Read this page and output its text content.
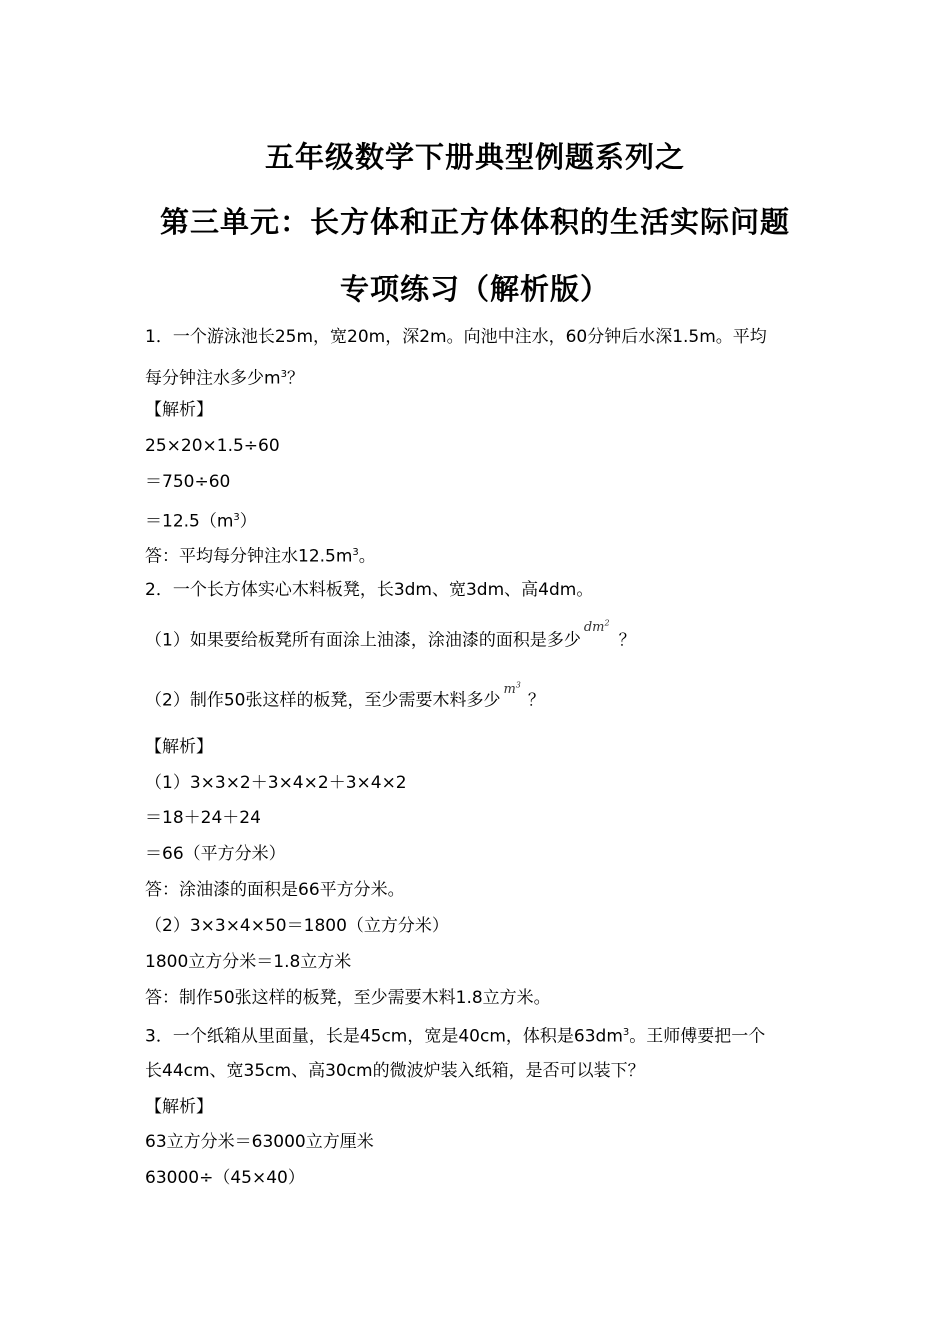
五年级数学下册典型例题系列之
第三单元：长方体和正方体体积的生活实际问题
专项练习（解析版）
1．一个游泳池长25m，宽20m，深2m。向池中注水，60分钟后水深1.5m。平均
每分钟注水多少$m^3$？
【解析】
25×20×1.5÷60
＝750÷60
$=12.5(m^3)$
答：平均每分钟注水$12.5m^3$。
2．一个长方体实心木料板凳，长3dm、宽3dm、高4dm。
（1）如果要给板凳所有面涂上油漆，涂油漆的面积是多少$^{dm^2}$？
（2）制作50张这样的板凳，至少需要木料多少$^{m^3}$？
【解析】
（1）3×3×2＋3×4×2＋3×4×2
＝18＋24＋24
＝66（平方分米）
答：涂油漆的面积是66平方分米。
（2）3×3×4×50＝1800（立方分米）
1800立方分米＝1.8立方米
答：制作50张这样的板凳，至少需要木料1.8立方米。
3．一个纸箱从里面量，长是45cm，宽是40cm，体积是$63dm^3$。王师傅要把一个
长44cm、宽35cm、高30cm的微波炉装入纸箱，是否可以装下？
【解析】
63立方分米＝63000立方厘米
63000÷（45×40）
